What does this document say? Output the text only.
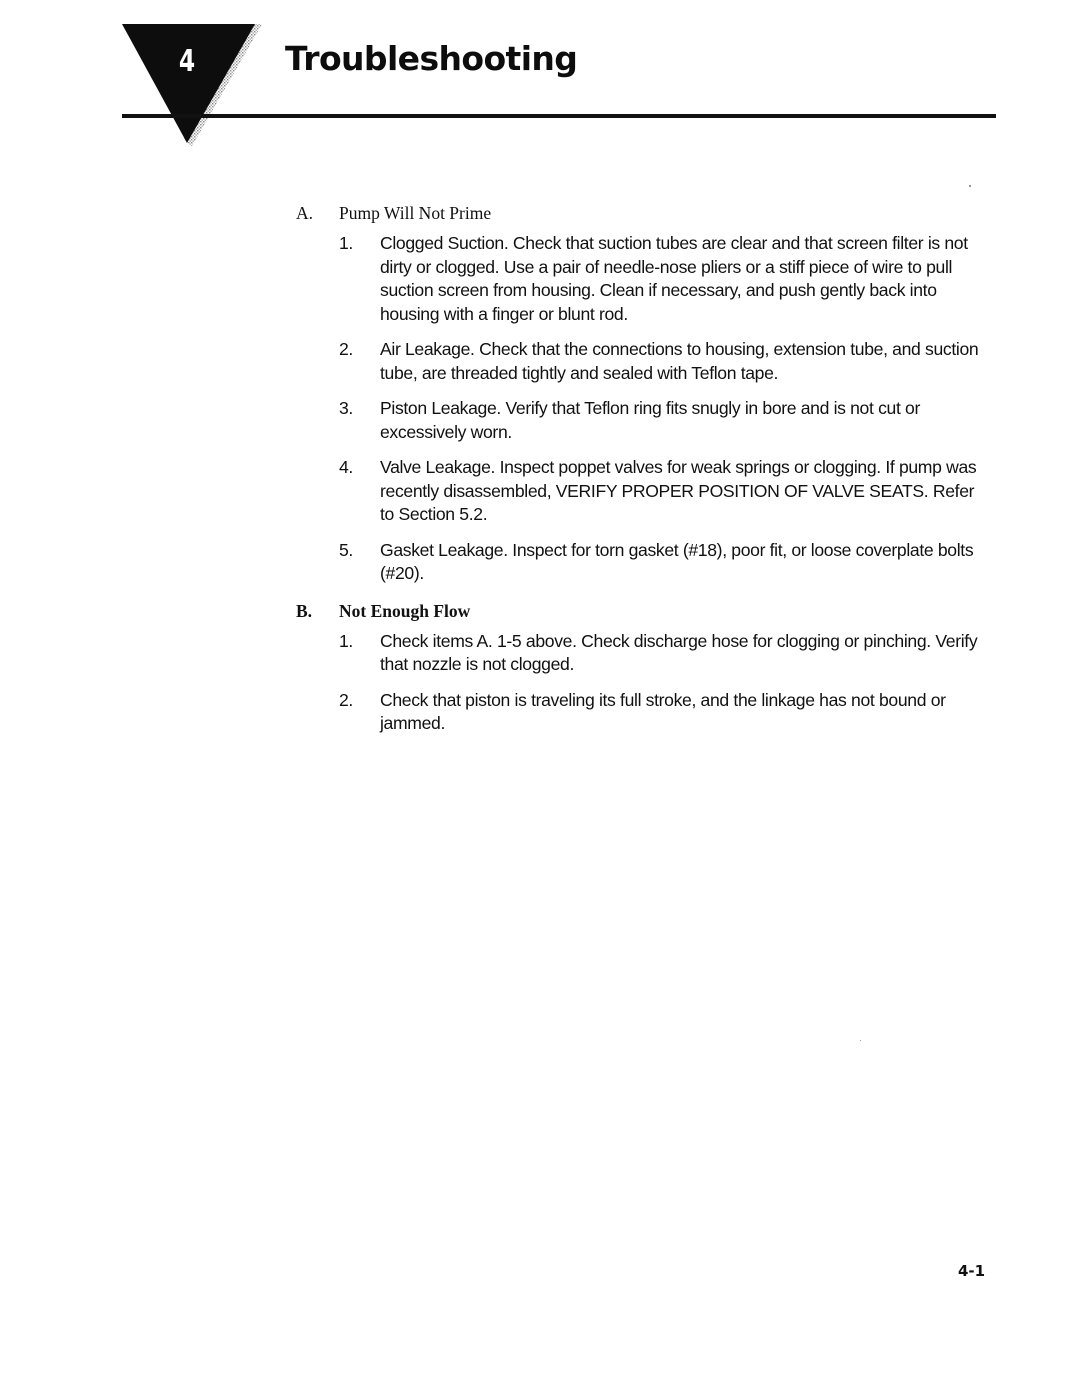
4	Troubleshooting
A.	Pump Will Not Prime
1.	Clogged Suction. Check that suction tubes are clear and that screen filter is not dirty or clogged. Use a pair of needle-nose pliers or a stiff piece of wire to pull suction screen from housing. Clean if necessary, and push gently back into housing with a finger or blunt rod.
2.	Air Leakage. Check that the connections to housing, extension tube, and suction tube, are threaded tightly and sealed with Teflon tape.
3.	Piston Leakage. Verify that Teflon ring fits snugly in bore and is not cut or excessively worn.
4.	Valve Leakage. Inspect poppet valves for weak springs or clogging. If pump was recently disassembled, VERIFY PROPER POSITION OF VALVE SEATS. Refer to Section 5.2.
5.	Gasket Leakage. Inspect for torn gasket (#18), poor fit, or loose coverplate bolts (#20).
B.	Not Enough Flow
1.	Check items A. 1-5 above. Check discharge hose for clogging or pinching. Verify that nozzle is not clogged.
2.	Check that piston is traveling its full stroke, and the linkage has not bound or jammed.
4-1
